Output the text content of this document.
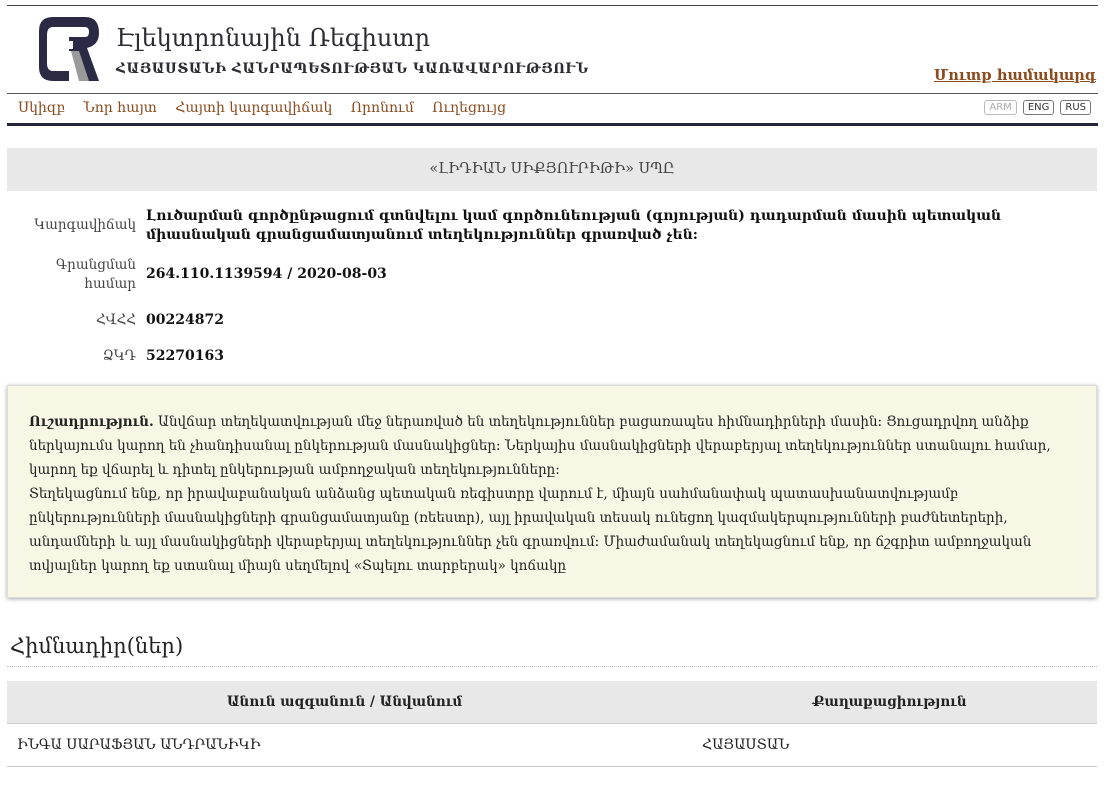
Էլեկտրոնային Ռեգիստր
ՀԱՅԱՍՏԱՆԻ ՀԱՆՐԱՊԵՏՈՒԹՅԱՆ ԿԱՌԱՎԱՐՈՒԹՅՈՒՆ	Մուտք համակարգ
Սկիզբ Նոր հայտ Հայտի կարգավիճակ Որոնում Ուղեցույց	ARM	ENG	RUS
«ԼԻԴԻԱՆ ՍԻՔՅՈՒՐԻԹԻ» ՍՊԸ
Կարգավիճակ
Լուծարման գործընթացում գտնվելու կամ գործունեության (գոյության) դադարման մասին պետական միասնական գրանցամատյանում տեղեկություններ գրառված չեն:
Գրանցման համար
264.110.1139594 / 2020-08-03
ՀՎՀՀ 00224872
ՁԿԴ 52270163
Ուշադրություն. Անվճար տեղեկատվության մեջ ներառված են տեղեկություններ բացառապես հիմնադիրների մասին: Ցուցադրվող անձիք ներկայումս կարող են չհանդիսանալ ընկերության մասնակիցներ: Ներկայիս մասնակիցների վերաբերյալ տեղեկություններ ստանալու համար, կարող եք վճարել և դիտել ընկերության ամբողջական տեղեկությունները:
Տեղեկացնում ենք, որ իրավաբանական անձանց պետական ռեգիստրը վարում է, միայն սահմանափակ պատասխանատվությամբ ընկերությունների մասնակիցների գրանցամատյանը (ռեեստր), այլ իրավական տեսակ ունեցող կազմակերպությունների բաժնետերերի, անդամների և այլ մասնակիցների վերաբերյալ տեղեկություններ չեն գրառվում: Միաժամանակ տեղեկացնում ենք, որ ճշգրիտ ամբողջական տվյալներ կարող եք ստանալ միայն սեղմելով «Տպելու տարբերակ» կոճակը
Հիմնադիր(ներ)
Անուն ազգանուն / Անվանում	Քաղաքացիություն
ԻՆԳԱ ՍԱՐԱՖՅԱՆ ԱՆԴՐԱՆԻԿԻ	ՀԱՅԱՍՏԱՆ
